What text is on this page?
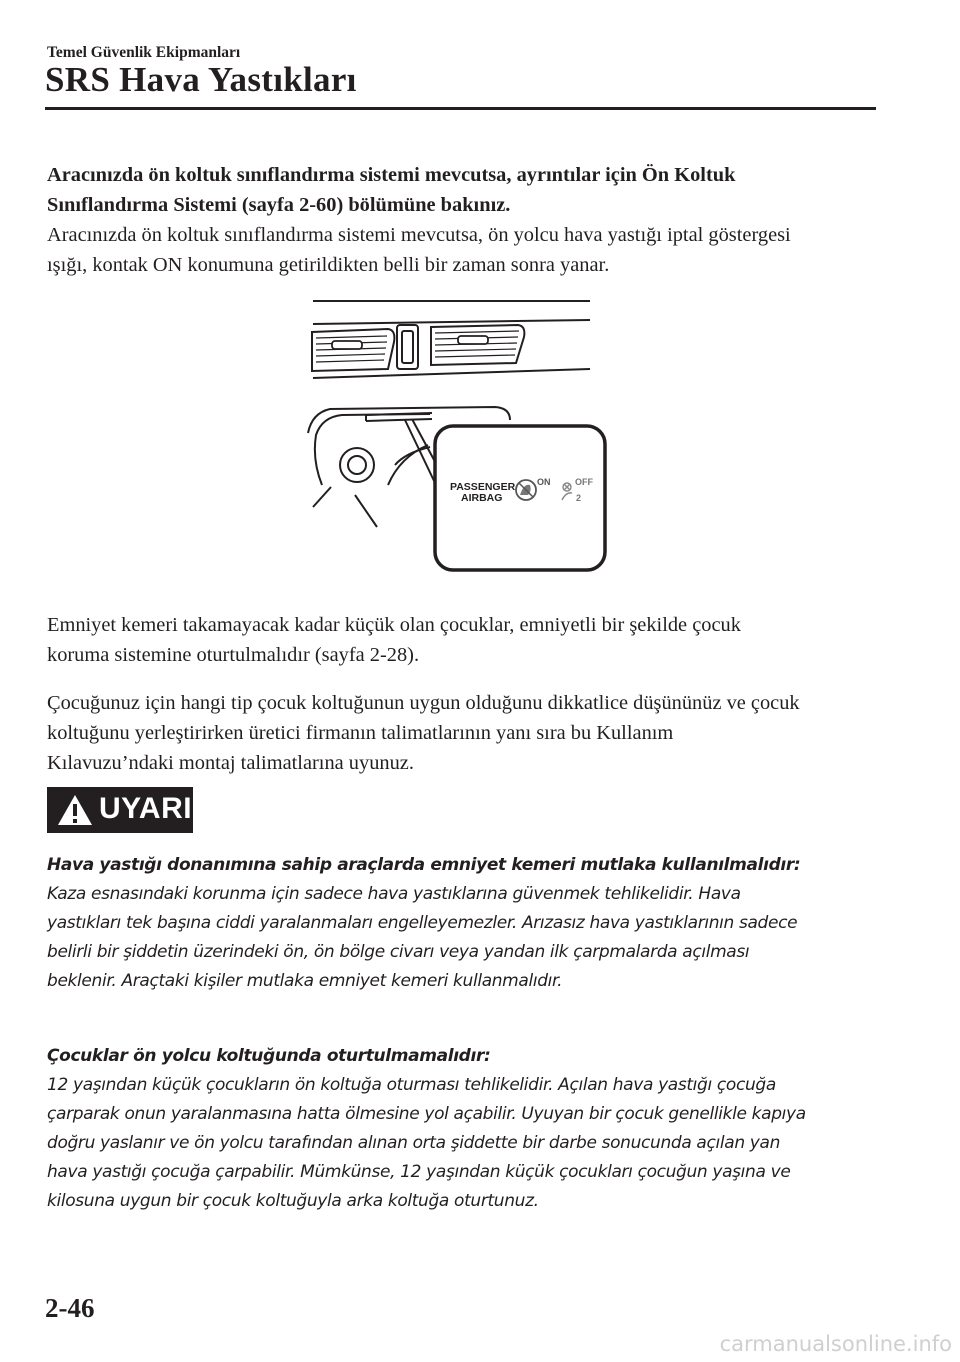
Temel Güvenlik Ekipmanları
SRS Hava Yastıkları

Aracınızda ön koltuk sınıflandırma sistemi mevcutsa, ayrıntılar için Ön Koltuk

Sınıflandırma Sistemi (sayfa 2-60) bölümüne bakınız.

Aracınızda ön koltuk sınıflandırma sistemi mevcutsa, ön yolcu hava yastığı iptal göstergesi

ışığı, kontak ON konumuna getirildikten belli bir zaman sonra yanar.

PASSENGER
AIRBAG
ON	OFF
2

Emniyet kemeri takamayacak kadar küçük olan çocuklar, emniyetli bir şekilde çocuk

koruma sistemine oturtulmalıdır (sayfa 2-28).

Çocuğunuz için hangi tip çocuk koltuğunun uygun olduğunu dikkatlice düşününüz ve çocuk

koltuğunu yerleştirirken üretici firmanın talimatlarının yanı sıra bu Kullanım

Kılavuzu’ndaki montaj talimatlarına uyunuz.

UYARI

Hava yastığı donanımına sahip araçlarda emniyet kemeri mutlaka kullanılmalıdır:

Kaza esnasındaki korunma için sadece hava yastıklarına güvenmek tehlikelidir. Hava

yastıkları tek başına ciddi yaralanmaları engelleyemezler. Arızasız hava yastıklarının sadece

belirli bir şiddetin üzerindeki ön, ön bölge civarı veya yandan ilk çarpmalarda açılması

beklenir. Araçtaki kişiler mutlaka emniyet kemeri kullanmalıdır.

Çocuklar ön yolcu koltuğunda oturtulmamalıdır:

12 yaşından küçük çocukların ön koltuğa oturması tehlikelidir. Açılan hava yastığı çocuğa

çarparak onun yaralanmasına hatta ölmesine yol açabilir. Uyuyan bir çocuk genellikle kapıya

doğru yaslanır ve ön yolcu tarafından alınan orta şiddette bir darbe sonucunda açılan yan

hava yastığı çocuğa çarpabilir. Mümkünse, 12 yaşından küçük çocukları çocuğun yaşına ve

kilosuna uygun bir çocuk koltuğuyla arka koltuğa oturtunuz.

2-46
carmanualsonline.info
